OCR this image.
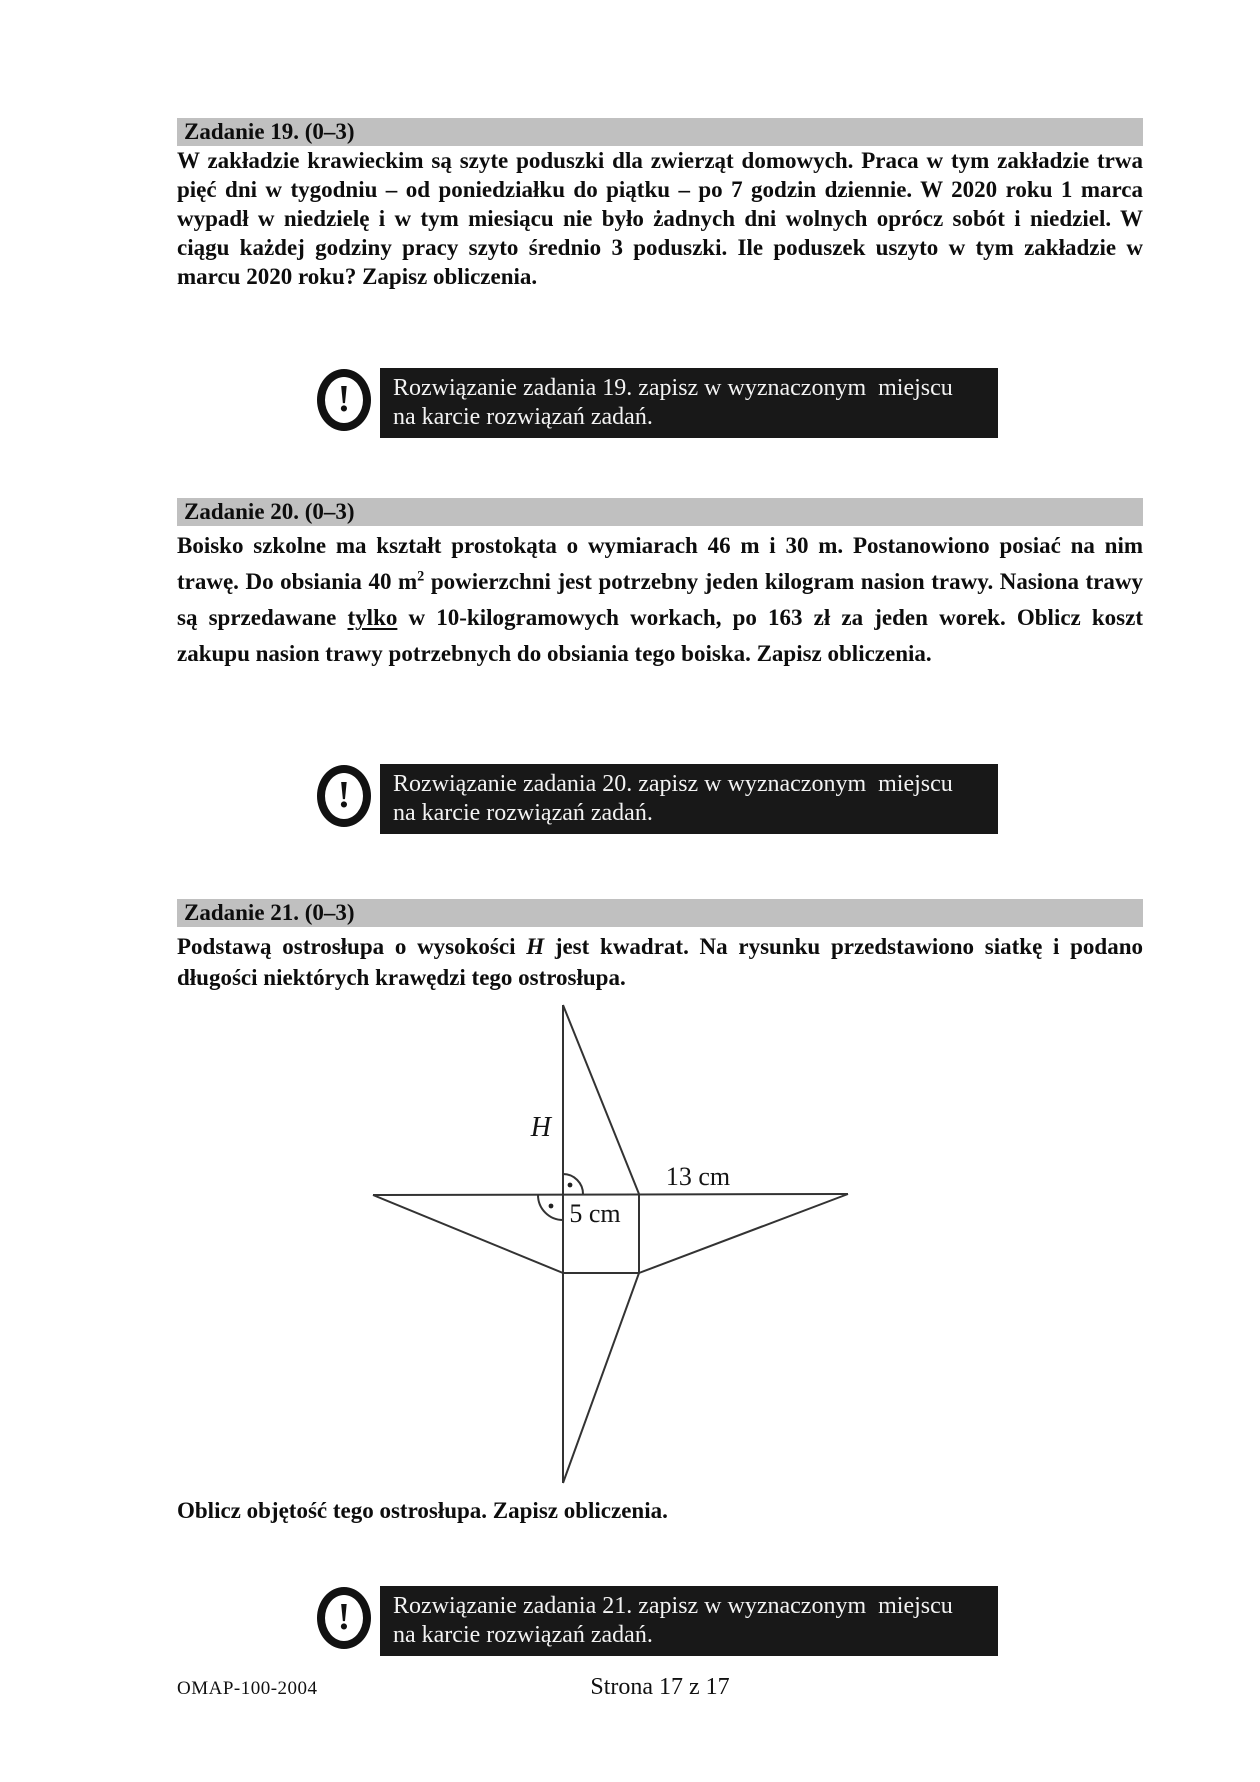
Zadanie 19. (0–3)
W zakładzie krawieckim są szyte poduszki dla zwierząt domowych. Praca w tym zakładzie trwa pięć dni w tygodniu – od poniedziałku do piątku – po 7 godzin dziennie. W 2020 roku 1 marca wypadł w niedzielę i w tym miesiącu nie było żadnych dni wolnych oprócz sobót i niedziel. W ciągu każdej godziny pracy szyto średnio 3 poduszki. Ile poduszek uszyto w tym zakładzie w marcu 2020 roku? Zapisz obliczenia.
!	Rozwiązanie zadania 19. zapisz w wyznaczonym  miejscu
na karcie rozwiązań zadań.
Zadanie 20. (0–3)
Boisko szkolne ma kształt prostokąta o wymiarach 46 m i 30 m. Postanowiono posiać na nim trawę. Do obsiania 40 $m^2$ powierzchni jest potrzebny jeden kilogram nasion trawy. Nasiona trawy są sprzedawane tylko w 10-kilogramowych workach, po 163 zł za jeden worek. Oblicz koszt zakupu nasion trawy potrzebnych do obsiania tego boiska. Zapisz obliczenia.
!	Rozwiązanie zadania 20. zapisz w wyznaczonym  miejscu
na karcie rozwiązań zadań.
Zadanie 21. (0–3)
Podstawą ostrosłupa o wysokości H jest kwadrat. Na rysunku przedstawiono siatkę i podano długości niektórych krawędzi tego ostrosłupa.
H
13 cm
5 cm
Oblicz objętość tego ostrosłupa. Zapisz obliczenia.
!	Rozwiązanie zadania 21. zapisz w wyznaczonym  miejscu
na karcie rozwiązań zadań.
OMAP-100-2004	Strona 17 z 17
